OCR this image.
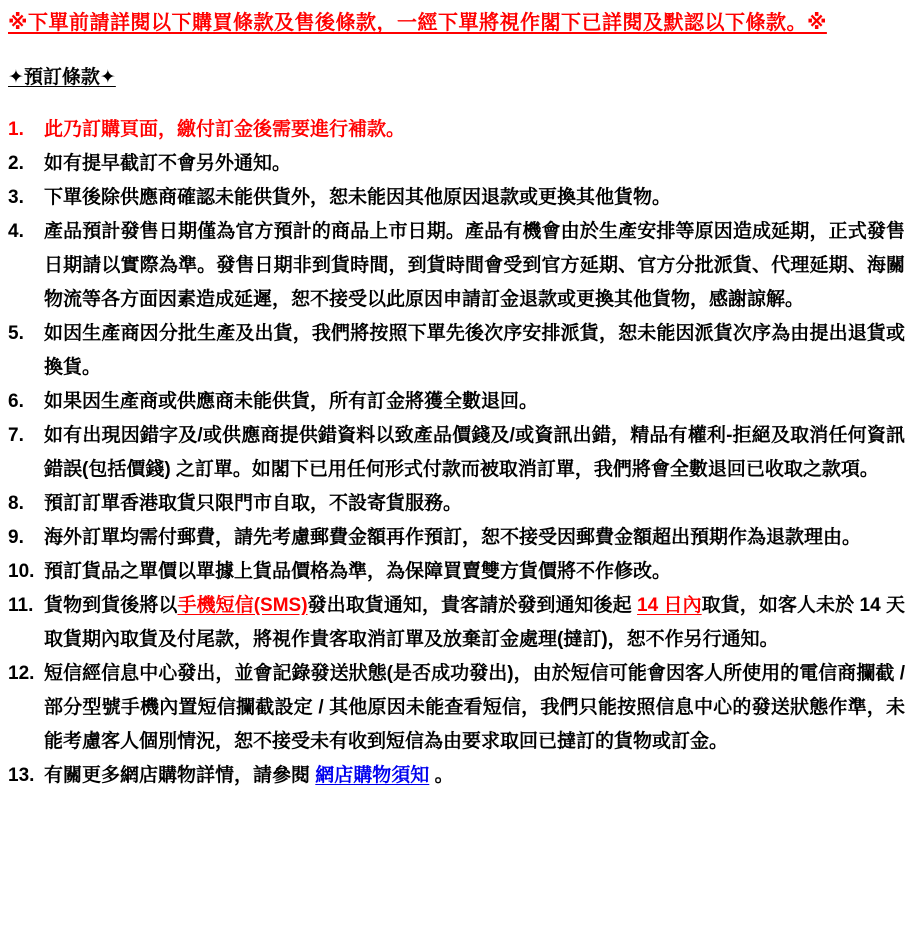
※下單前請詳閱以下購買條款及售後條款，一經下單將視作閣下已詳閱及默認以下條款。※
✦預訂條款✦
1.	此乃訂購頁面，繳付訂金後需要進行補款。
2.	如有提早截訂不會另外通知。
3.	下單後除供應商確認未能供貨外，恕未能因其他原因退款或更換其他貨物。
4.	產品預計發售日期僅為官方預計的商品上市日期。產品有機會由於生產安排等原因造成延期，正式發售日期請以實際為準。發售日期非到貨時間，到貨時間會受到官方延期、官方分批派貨、代理延期、海關物流等各方面因素造成延遲，恕不接受以此原因申請訂金退款或更換其他貨物，感謝諒解。
5.	如因生產商因分批生產及出貨，我們將按照下單先後次序安排派貨，恕未能因派貨次序為由提出退貨或換貨。
6.	如果因生產商或供應商未能供貨，所有訂金將獲全數退回。
7.	如有出現因錯字及/或供應商提供錯資料以致產品價錢及/或資訊出錯，精品有權利-拒絕及取消任何資訊錯誤(包括價錢) 之訂單。如閣下已用任何形式付款而被取消訂單，我們將會全數退回已收取之款項。
8.	預訂訂單香港取貨只限門市自取，不設寄貨服務。
9.	海外訂單均需付郵費，請先考慮郵費金額再作預訂，恕不接受因郵費金額超出預期作為退款理由。
10. 預訂貨品之單價以單據上貨品價格為準，為保障買賣雙方貨價將不作修改。
11. 貨物到貨後將以手機短信(SMS)發出取貨通知，貴客請於發到通知後起 14 日內取貨，如客人未於 14 天取貨期內取貨及付尾款，將視作貴客取消訂單及放棄訂金處理(撻訂)，恕不作另行通知。
12. 短信經信息中心發出，並會記錄發送狀態(是否成功發出)，由於短信可能會因客人所使用的電信商攔截 / 部分型號手機內置短信攔截設定 / 其他原因未能查看短信，我們只能按照信息中心的發送狀態作準，未能考慮客人個別情況，恕不接受未有收到短信為由要求取回已撻訂的貨物或訂金。
13. 有關更多網店購物詳情，請參閱 網店購物須知 。
